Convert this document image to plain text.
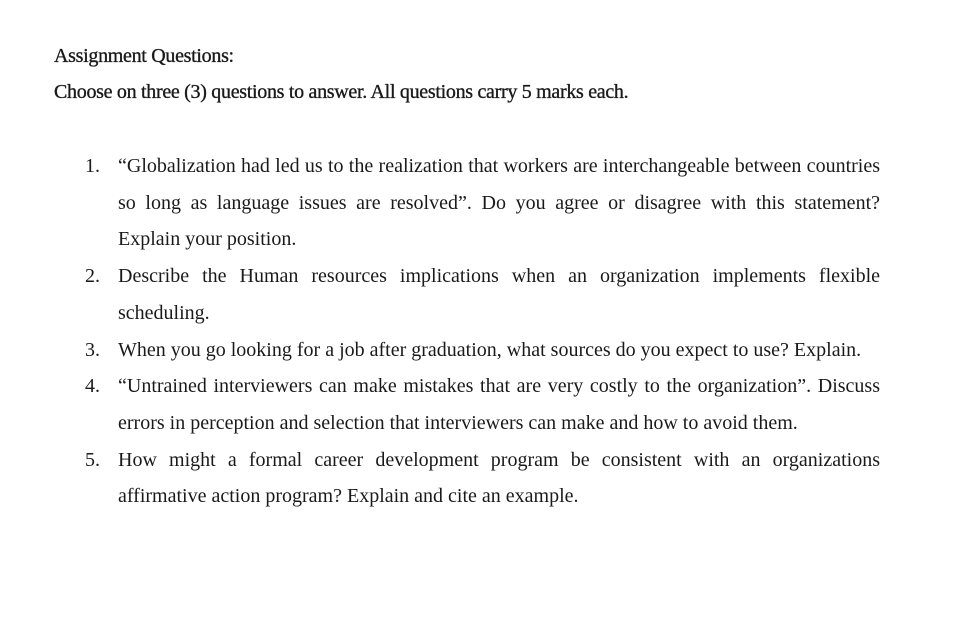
Assignment Questions:
Choose on three (3) questions to answer. All questions carry 5 marks each.
1. “Globalization had led us to the realization that workers are interchangeable between countries so long as language issues are resolved”. Do you agree or disagree with this statement? Explain your position.
2. Describe the Human resources implications when an organization implements flexible scheduling.
3. When you go looking for a job after graduation, what sources do you expect to use? Explain.
4. “Untrained interviewers can make mistakes that are very costly to the organization”. Discuss errors in perception and selection that interviewers can make and how to avoid them.
5. How might a formal career development program be consistent with an organizations affirmative action program? Explain and cite an example.
